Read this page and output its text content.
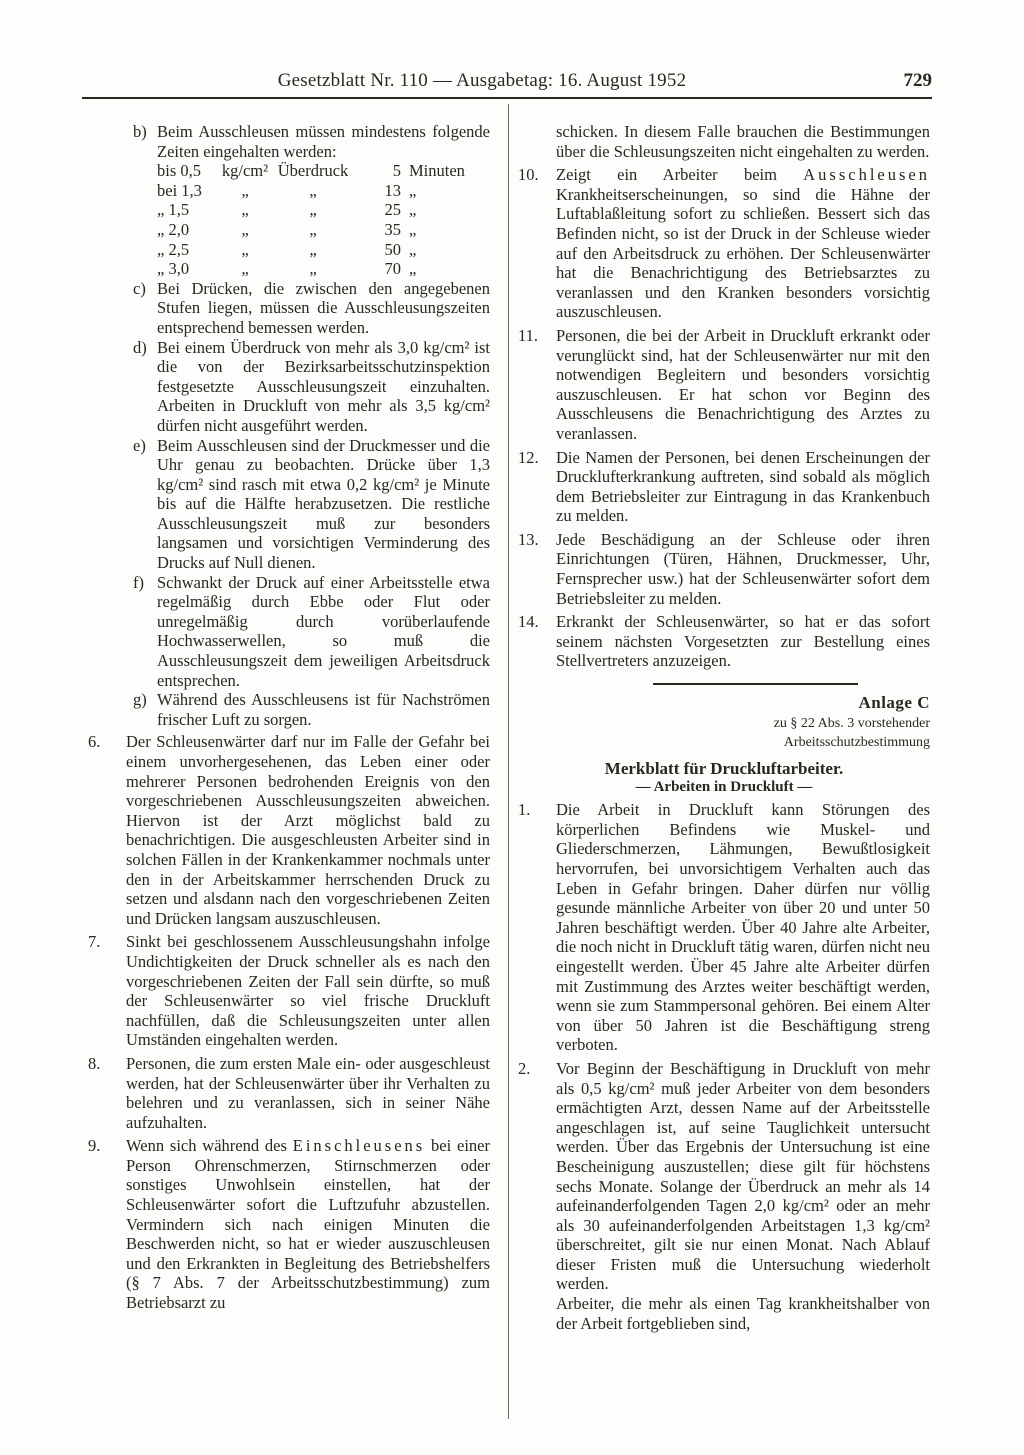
Gesetzblatt Nr. 110 — Ausgabetag: 16. August 1952	729
b) Beim Ausschleusen müssen mindestens folgende Zeiten eingehalten werden:
bis 0,5	kg/cm²	Überdruck	5	Minuten
bei 1,3	„	„	13	„
„ 1,5	„	„	25	„
„ 2,0	„	„	35	„
„ 2,5	„	„	50	„
„ 3,0	„	„	70	„
c) Bei Drücken, die zwischen den angegebenen Stufen liegen, müssen die Ausschleusungszeiten entsprechend bemessen werden.
d) Bei einem Überdruck von mehr als 3,0 kg/cm² ist die von der Bezirksarbeitsschutzinspektion festgesetzte Ausschleusungszeit einzuhalten. Arbeiten in Druckluft von mehr als 3,5 kg/cm² dürfen nicht ausgeführt werden.
e) Beim Ausschleusen sind der Druckmesser und die Uhr genau zu beobachten. Drücke über 1,3 kg/cm² sind rasch mit etwa 0,2 kg/cm² je Minute bis auf die Hälfte herabzusetzen. Die restliche Ausschleusungszeit muß zur besonders langsamen und vorsichtigen Verminderung des Drucks auf Null dienen.
f) Schwankt der Druck auf einer Arbeitsstelle etwa regelmäßig durch Ebbe oder Flut oder unregelmäßig durch vorüberlaufende Hochwasserwellen, so muß die Ausschleusungszeit dem jeweiligen Arbeitsdruck entsprechen.
g) Während des Ausschleusens ist für Nachströmen frischer Luft zu sorgen.
6. Der Schleusenwärter darf nur im Falle der Gefahr bei einem unvorhergesehenen, das Leben einer oder mehrerer Personen bedrohenden Ereignis von den vorgeschriebenen Ausschleusungszeiten abweichen. Hiervon ist der Arzt möglichst bald zu benachrichtigen. Die ausgeschleusten Arbeiter sind in solchen Fällen in der Krankenkammer nochmals unter den in der Arbeitskammer herrschenden Druck zu setzen und alsdann nach den vorgeschriebenen Zeiten und Drücken langsam auszuschleusen.
7. Sinkt bei geschlossenem Ausschleusungshahn infolge Undichtigkeiten der Druck schneller als es nach den vorgeschriebenen Zeiten der Fall sein dürfte, so muß der Schleusenwärter so viel frische Druckluft nachfüllen, daß die Schleusungszeiten unter allen Umständen eingehalten werden.
8. Personen, die zum ersten Male ein- oder ausgeschleust werden, hat der Schleusenwärter über ihr Verhalten zu belehren und zu veranlassen, sich in seiner Nähe aufzuhalten.
9. Wenn sich während des Einschleusens bei einer Person Ohrenschmerzen, Stirnschmerzen oder sonstiges Unwohlsein einstellen, hat der Schleusenwärter sofort die Luftzufuhr abzustellen. Vermindern sich nach einigen Minuten die Beschwerden nicht, so hat er wieder auszuschleusen und den Erkrankten in Begleitung des Betriebshelfers (§ 7 Abs. 7 der Arbeitsschutzbestimmung) zum Betriebsarzt zu
schicken. In diesem Falle brauchen die Bestimmungen über die Schleusungszeiten nicht eingehalten zu werden.
10. Zeigt ein Arbeiter beim Ausschleusen Krankheitserscheinungen, so sind die Hähne der Luftablaßleitung sofort zu schließen. Bessert sich das Befinden nicht, so ist der Druck in der Schleuse wieder auf den Arbeitsdruck zu erhöhen. Der Schleusenwärter hat die Benachrichtigung des Betriebsarztes zu veranlassen und den Kranken besonders vorsichtig auszuschleusen.
11. Personen, die bei der Arbeit in Druckluft erkrankt oder verunglückt sind, hat der Schleusenwärter nur mit den notwendigen Begleitern und besonders vorsichtig auszuschleusen. Er hat schon vor Beginn des Ausschleusens die Benachrichtigung des Arztes zu veranlassen.
12. Die Namen der Personen, bei denen Erscheinungen der Drucklufterkrankung auftreten, sind sobald als möglich dem Betriebsleiter zur Eintragung in das Krankenbuch zu melden.
13. Jede Beschädigung an der Schleuse oder ihren Einrichtungen (Türen, Hähnen, Druckmesser, Uhr, Fernsprecher usw.) hat der Schleusenwärter sofort dem Betriebsleiter zu melden.
14. Erkrankt der Schleusenwärter, so hat er das sofort seinem nächsten Vorgesetzten zur Bestellung eines Stellvertreters anzuzeigen.
Anlage C
zu § 22 Abs. 3 vorstehender
Arbeitsschutzbestimmung
Merkblatt für Druckluftarbeiter.
— Arbeiten in Druckluft —
1. Die Arbeit in Druckluft kann Störungen des körperlichen Befindens wie Muskel- und Gliederschmerzen, Lähmungen, Bewußtlosigkeit hervorrufen, bei unvorsichtigem Verhalten auch das Leben in Gefahr bringen. Daher dürfen nur völlig gesunde männliche Arbeiter von über 20 und unter 50 Jahren beschäftigt werden. Über 40 Jahre alte Arbeiter, die noch nicht in Druckluft tätig waren, dürfen nicht neu eingestellt werden. Über 45 Jahre alte Arbeiter dürfen mit Zustimmung des Arztes weiter beschäftigt werden, wenn sie zum Stammpersonal gehören. Bei einem Alter von über 50 Jahren ist die Beschäftigung streng verboten.
2. Vor Beginn der Beschäftigung in Druckluft von mehr als 0,5 kg/cm² muß jeder Arbeiter von dem besonders ermächtigten Arzt, dessen Name auf der Arbeitsstelle angeschlagen ist, auf seine Tauglichkeit untersucht werden. Über das Ergebnis der Untersuchung ist eine Bescheinigung auszustellen; diese gilt für höchstens sechs Monate. Solange der Überdruck an mehr als 14 aufeinanderfolgenden Tagen 2,0 kg/cm² oder an mehr als 30 aufeinanderfolgenden Arbeitstagen 1,3 kg/cm² überschreitet, gilt sie nur einen Monat. Nach Ablauf dieser Fristen muß die Untersuchung wiederholt werden.
Arbeiter, die mehr als einen Tag krankheitshalber von der Arbeit fortgeblieben sind,
